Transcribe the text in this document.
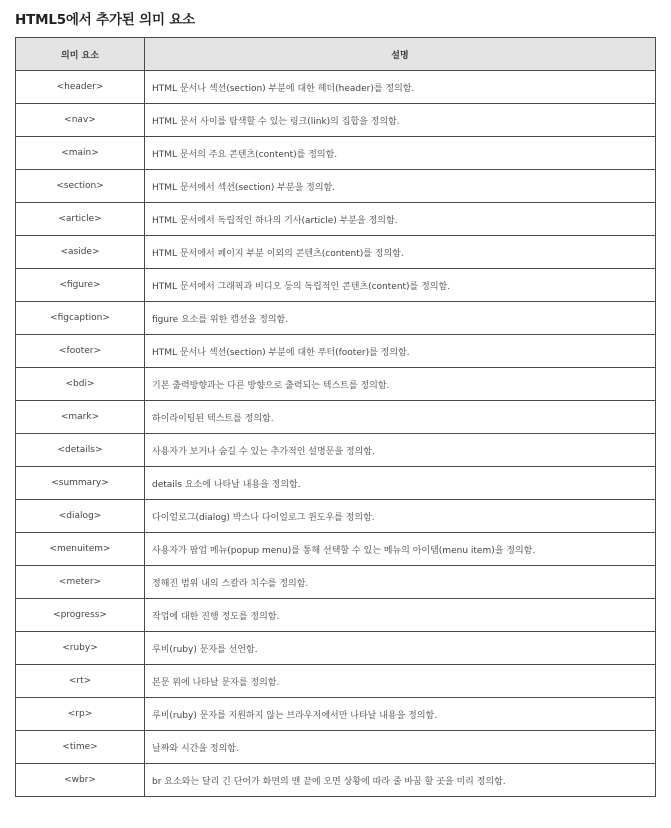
HTML5에서 추가된 의미 요소
의미 요소	설명
<header>	HTML 문서나 섹션(section) 부분에 대한 헤더(header)를 정의함.
<nav>	HTML 문서 사이를 탐색할 수 있는 링크(link)의 집합을 정의함.
<main>	HTML 문서의 주요 콘텐츠(content)를 정의함.
<section>	HTML 문서에서 섹션(section) 부분을 정의함.
<article>	HTML 문서에서 독립적인 하나의 기사(article) 부분을 정의함.
<aside>	HTML 문서에서 페이지 부분 이외의 콘텐츠(content)를 정의함.
<figure>	HTML 문서에서 그래픽과 비디오 등의 독립적인 콘텐츠(content)를 정의함.
<figcaption>	figure 요소를 위한 캡션을 정의함.
<footer>	HTML 문서나 섹션(section) 부분에 대한 푸터(footer)를 정의함.
<bdi>	기본 출력방향과는 다른 방향으로 출력되는 텍스트를 정의함.
<mark>	하이라이팅된 텍스트를 정의함.
<details>	사용자가 보거나 숨길 수 있는 추가적인 설명문을 정의함.
<summary>	details 요소에 나타날 내용을 정의함.
<dialog>	다이얼로그(dialog) 박스나 다이얼로그 윈도우를 정의함.
<menuitem>	사용자가 팝업 메뉴(popup menu)를 통해 선택할 수 있는 메뉴의 아이템(menu item)을 정의함.
<meter>	정해진 범위 내의 스칼라 치수를 정의함.
<progress>	작업에 대한 진행 정도를 정의함.
<ruby>	루비(ruby) 문자를 선언함.
<rt>	본문 위에 나타날 문자를 정의함.
<rp>	루비(ruby) 문자를 지원하지 않는 브라우저에서만 나타날 내용을 정의함.
<time>	날짜와 시간을 정의함.
<wbr>	br 요소와는 달리 긴 단어가 화면의 맨 끝에 오면 상황에 따라 줄 바꿈 할 곳을 미리 정의함.
